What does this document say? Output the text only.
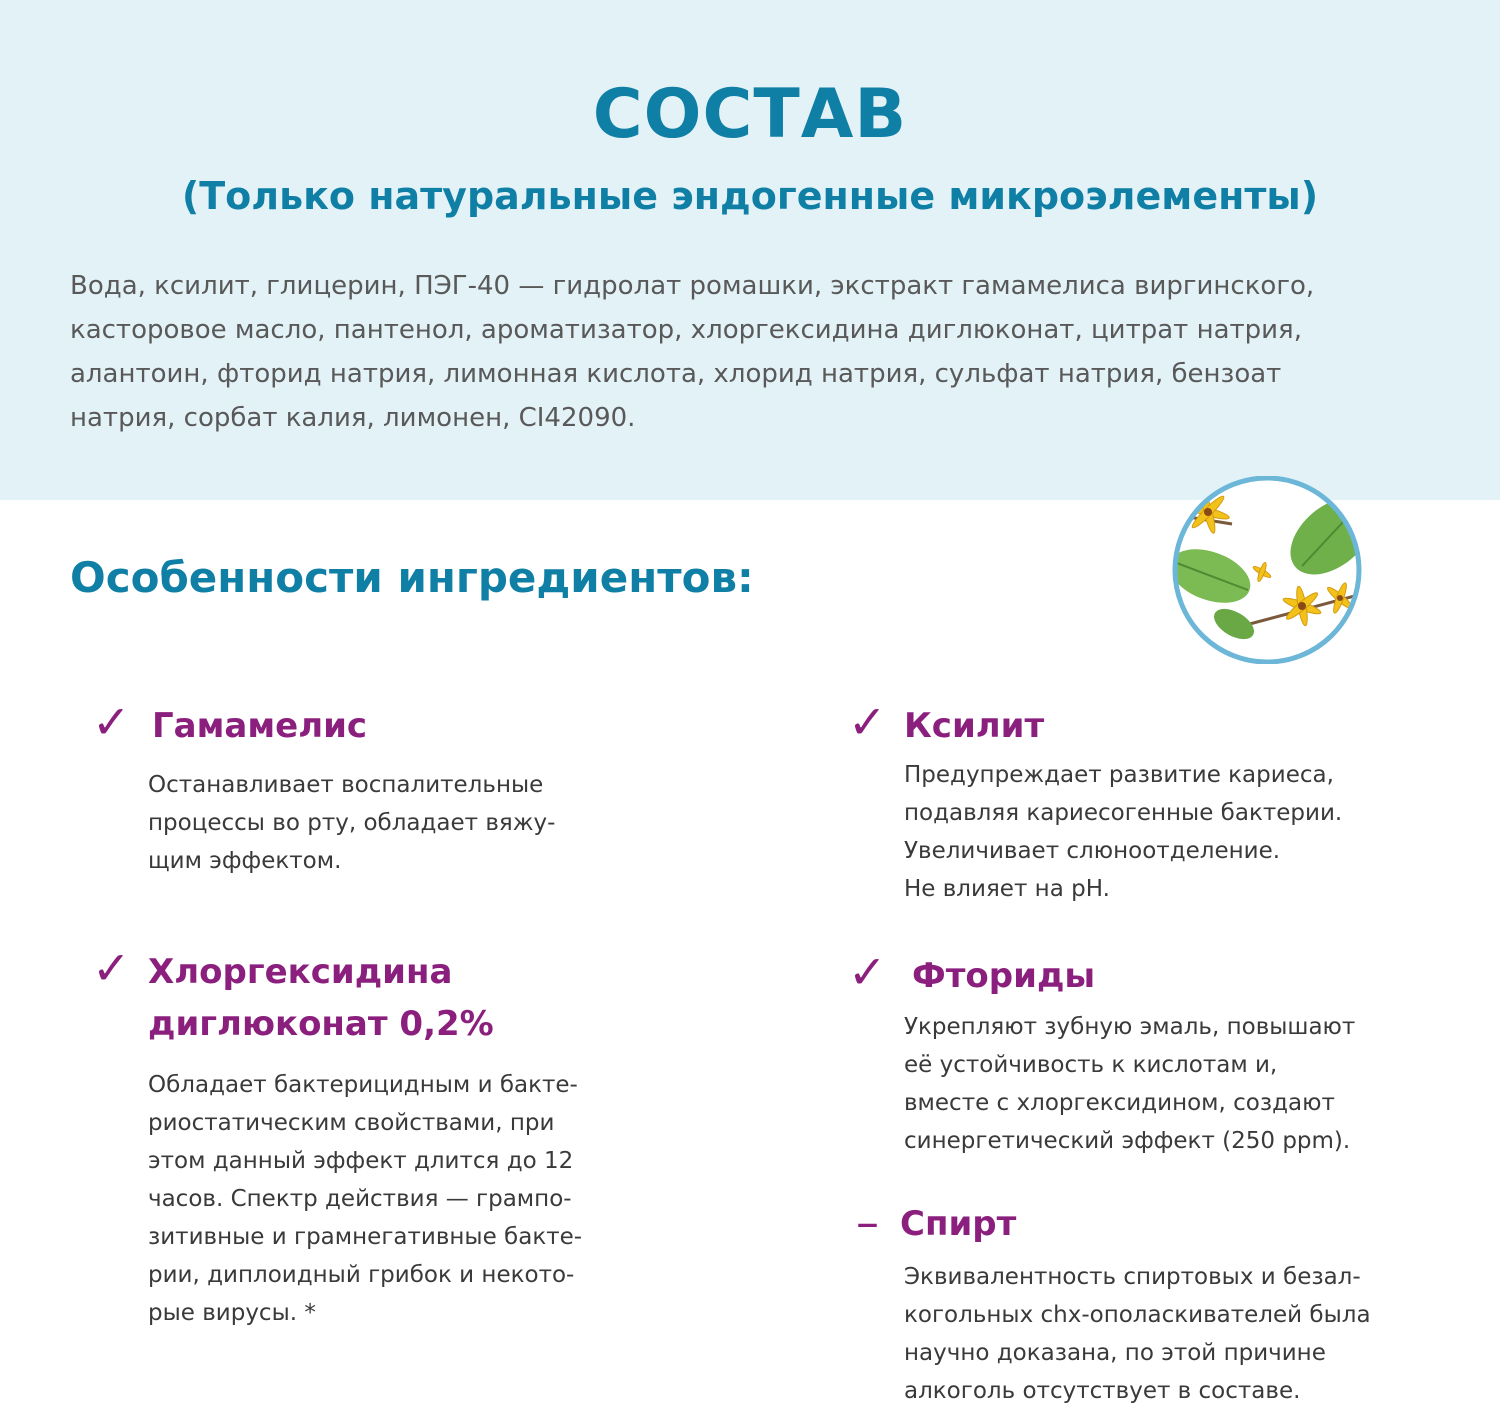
СОСТАВ
(Только натуральные эндогенные микроэлементы)
Вода, ксилит, глицерин, ПЭГ-40 — гидролат ромашки, экстракт гамамелиса виргинского,
касторовое масло, пантенол, ароматизатор, хлоргексидина диглюконат, цитрат натрия,
алантоин, фторид натрия, лимонная кислота, хлорид натрия, сульфат натрия, бензоат
натрия, сорбат калия, лимонен, CI42090.
Особенности ингредиентов:
✓ Гамамелис
Останавливает воспалительные
процессы во рту, обладает вяжу-
щим эффектом.
✓ Хлоргексидина
диглюконат 0,2%
Обладает бактерицидным и бакте-
риостатическим свойствами, при
этом данный эффект длится до 12
часов. Спектр действия — грампо-
зитивные и грамнегативные бакте-
рии, диплоидный грибок и некото-
рые вирусы. *
✓ Ксилит
Предупреждает развитие кариеса,
подавляя кариесогенные бактерии.
Увеличивает слюноотделение.
Не влияет на pH.
✓ Фториды
Укрепляют зубную эмаль, повышают
её устойчивость к кислотам и,
вместе с хлоргексидином, создают
синергетический эффект (250 ppm).
– Спирт
Эквивалентность спиртовых и безал-
когольных chx-ополаскивателей была
научно доказана, по этой причине
алкоголь отсутствует в составе.
